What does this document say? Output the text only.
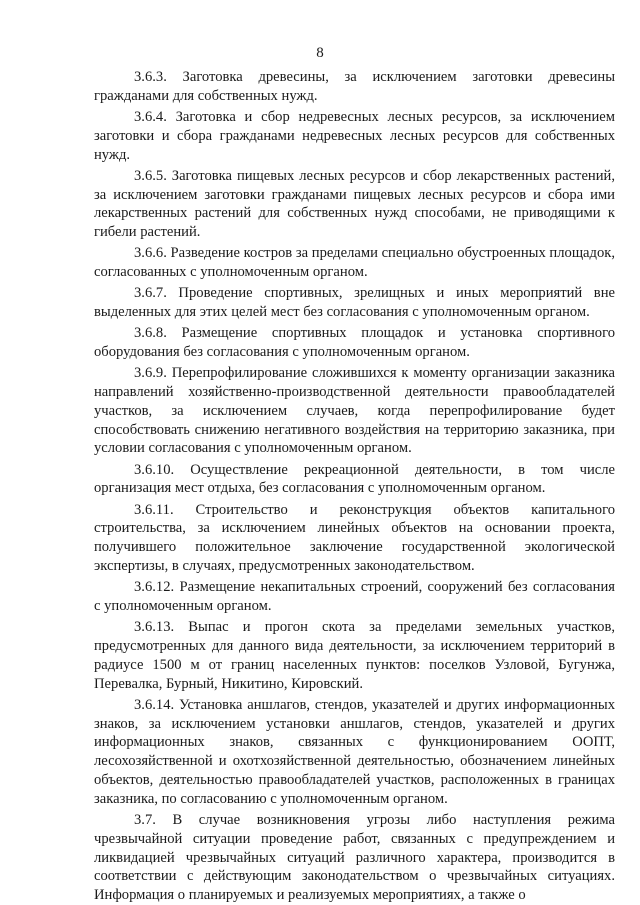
8

3.6.3. Заготовка древесины, за исключением заготовки древесины гражданами для собственных нужд.

3.6.4. Заготовка и сбор недревесных лесных ресурсов, за исключением заготовки и сбора гражданами недревесных лесных ресурсов для собственных нужд.

3.6.5. Заготовка пищевых лесных ресурсов и сбор лекарственных растений, за исключением заготовки гражданами пищевых лесных ресурсов и сбора ими лекарственных растений для собственных нужд способами, не приводящими к гибели растений.

3.6.6. Разведение костров за пределами специально обустроенных площадок, согласованных с уполномоченным органом.

3.6.7. Проведение спортивных, зрелищных и иных мероприятий вне выделенных для этих целей мест без согласования с уполномоченным органом.

3.6.8. Размещение спортивных площадок и установка спортивного оборудования без согласования с уполномоченным органом.

3.6.9. Перепрофилирование сложившихся к моменту организации заказника направлений хозяйственно-производственной деятельности правообладателей участков, за исключением случаев, когда перепрофилирование будет способствовать снижению негативного воздействия на территорию заказника, при условии согласования с уполномоченным органом.

3.6.10. Осуществление рекреационной деятельности, в том числе организация мест отдыха, без согласования с уполномоченным органом.

3.6.11. Строительство и реконструкция объектов капитального строительства, за исключением линейных объектов на основании проекта, получившего положительное заключение государственной экологической экспертизы, в случаях, предусмотренных законодательством.

3.6.12. Размещение некапитальных строений, сооружений без согласования с уполномоченным органом.

3.6.13. Выпас и прогон скота за пределами земельных участков, предусмотренных для данного вида деятельности, за исключением территорий в радиусе 1500 м от границ населенных пунктов: поселков Узловой, Бугунжа, Перевалка, Бурный, Никитино, Кировский.

3.6.14. Установка аншлагов, стендов, указателей и других информационных знаков, за исключением установки аншлагов, стендов, указателей и других информационных знаков, связанных с функционированием ООПТ, лесохозяйственной и охотхозяйственной деятельностью, обозначением линейных объектов, деятельностью правообладателей участков, расположенных в границах заказника, по согласованию с уполномоченным органом.

3.7. В случае возникновения угрозы либо наступления режима чрезвычайной ситуации проведение работ, связанных с предупреждением и ликвидацией чрезвычайных ситуаций различного характера, производится в соответствии с действующим законодательством о чрезвычайных ситуациях. Информация о планируемых и реализуемых мероприятиях, а также о
